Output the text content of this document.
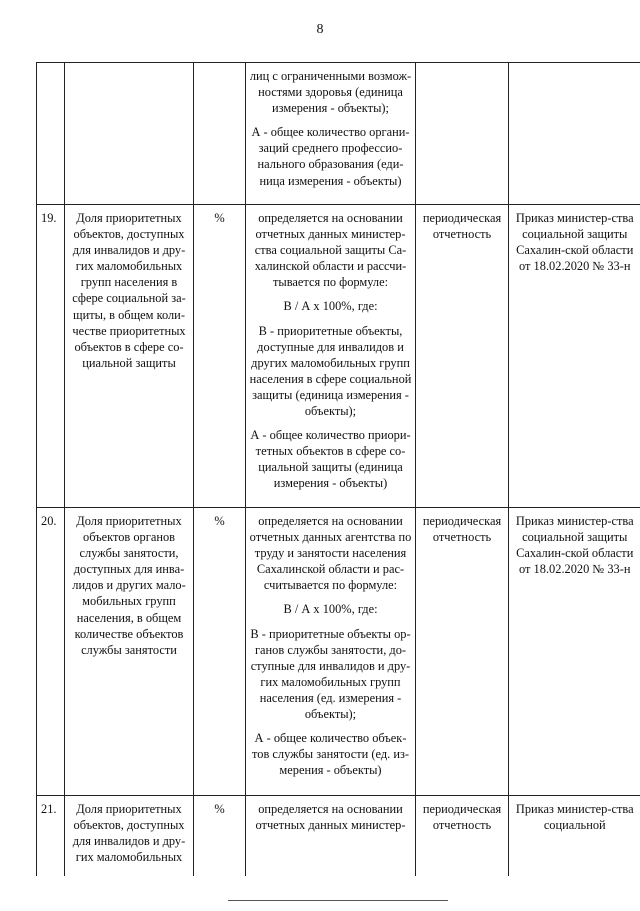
8

			лиц с ограниченными возмож-ностями здоровья (единица измерения - объекты);

А - общее количество органи-заций среднего профессио-нального образования (еди-ница измерения - объекты)		

19.	Доля приоритетных объектов, доступных для инвалидов и дру-гих маломобильных групп населения в сфере социальной за-щиты, в общем коли-честве приоритетных объектов в сфере со-циальной защиты	%	определяется на основании отчетных данных министер-ства социальной защиты Са-халинской области и рассчи-тывается по формуле:

В / А x 100%, где:

В - приоритетные объекты, доступные для инвалидов и других маломобильных групп населения в сфере социальной защиты (единица измерения - объекты);

А - общее количество приори-тетных объектов в сфере со-циальной защиты (единица измерения - объекты)	периодическая отчетность	Приказ министер-ства социальной защиты Сахалин-ской области от 18.02.2020 № 33-н
20.	Доля приоритетных объектов органов службы занятости, доступных для инва-лидов и других мало-мобильных групп населения, в общем количестве объектов службы занятости	%	определяется на основании отчетных данных агентства по труду и занятости населения Сахалинской области и рас-считывается по формуле:

В / А x 100%, где:

В - приоритетные объекты ор-ганов службы занятости, до-ступные для инвалидов и дру-гих маломобильных групп населения (ед. измерения - объекты);

А - общее количество объек-тов службы занятости (ед. из-мерения - объекты)	периодическая отчетность	Приказ министер-ства социальной защиты Сахалин-ской области от 18.02.2020 № 33-н
21.	Доля приоритетных объектов, доступных для инвалидов и дру-гих маломобильных	%	определяется на основании отчетных данных министер-	периодическая отчетность	Приказ министер-ства социальной
